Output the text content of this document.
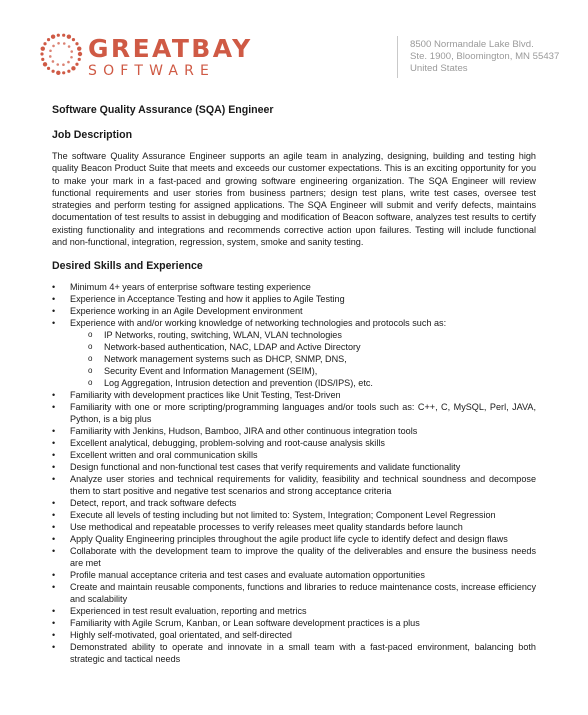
GREATBAY
SOFTWARE
8500 Normandale Lake Blvd.
Ste. 1900, Bloomington, MN 55437
United States
Software Quality Assurance (SQA) Engineer
Job Description
The software Quality Assurance Engineer supports an agile team in analyzing, designing, building and testing high quality Beacon Product Suite that meets and exceeds our customer expectations. This is an exciting opportunity for you to make your mark in a fast-paced and growing software engineering organization. The SQA Engineer will review functional requirements and user stories from business partners; design test plans, write test cases, oversee test strategies and perform testing for assigned applications. The SQA Engineer will submit and verify defects, maintains documentation of test results to assist in debugging and modification of Beacon software, analyzes test results to certify existing functionality and integrations and recommends corrective action upon failures. Testing will include functional and non-functional, integration, regression, system, smoke and sanity testing.
Desired Skills and Experience
• Minimum 4+ years of enterprise software testing experience
• Experience in Acceptance Testing and how it applies to Agile Testing
• Experience working in an Agile Development environment
• Experience with and/or working knowledge of networking technologies and protocols such as:
o IP Networks, routing, switching, WLAN, VLAN technologies
o Network-based authentication, NAC, LDAP and Active Directory
o Network management systems such as DHCP, SNMP, DNS,
o Security Event and Information Management (SEIM),
o Log Aggregation, Intrusion detection and prevention (IDS/IPS), etc.
• Familiarity with development practices like Unit Testing, Test-Driven
• Familiarity with one or more scripting/programming languages and/or tools such as: C++, C, MySQL, Perl, JAVA, Python, is a big plus
• Familiarity with Jenkins, Hudson, Bamboo, JIRA and other continuous integration tools
• Excellent analytical, debugging, problem-solving and root-cause analysis skills
• Excellent written and oral communication skills
• Design functional and non-functional test cases that verify requirements and validate functionality
• Analyze user stories and technical requirements for validity, feasibility and technical soundness and decompose them to start positive and negative test scenarios and strong acceptance criteria
• Detect, report, and track software defects
• Execute all levels of testing including but not limited to: System, Integration; Component Level Regression
• Use methodical and repeatable processes to verify releases meet quality standards before launch
• Apply Quality Engineering principles throughout the agile product life cycle to identify defect and design flaws
• Collaborate with the development team to improve the quality of the deliverables and ensure the business needs are met
• Profile manual acceptance criteria and test cases and evaluate automation opportunities
• Create and maintain reusable components, functions and libraries to reduce maintenance costs, increase efficiency and scalability
• Experienced in test result evaluation, reporting and metrics
• Familiarity with Agile Scrum, Kanban, or Lean software development practices is a plus
• Highly self-motivated, goal orientated, and self-directed
• Demonstrated ability to operate and innovate in a small team with a fast-paced environment, balancing both strategic and tactical needs
